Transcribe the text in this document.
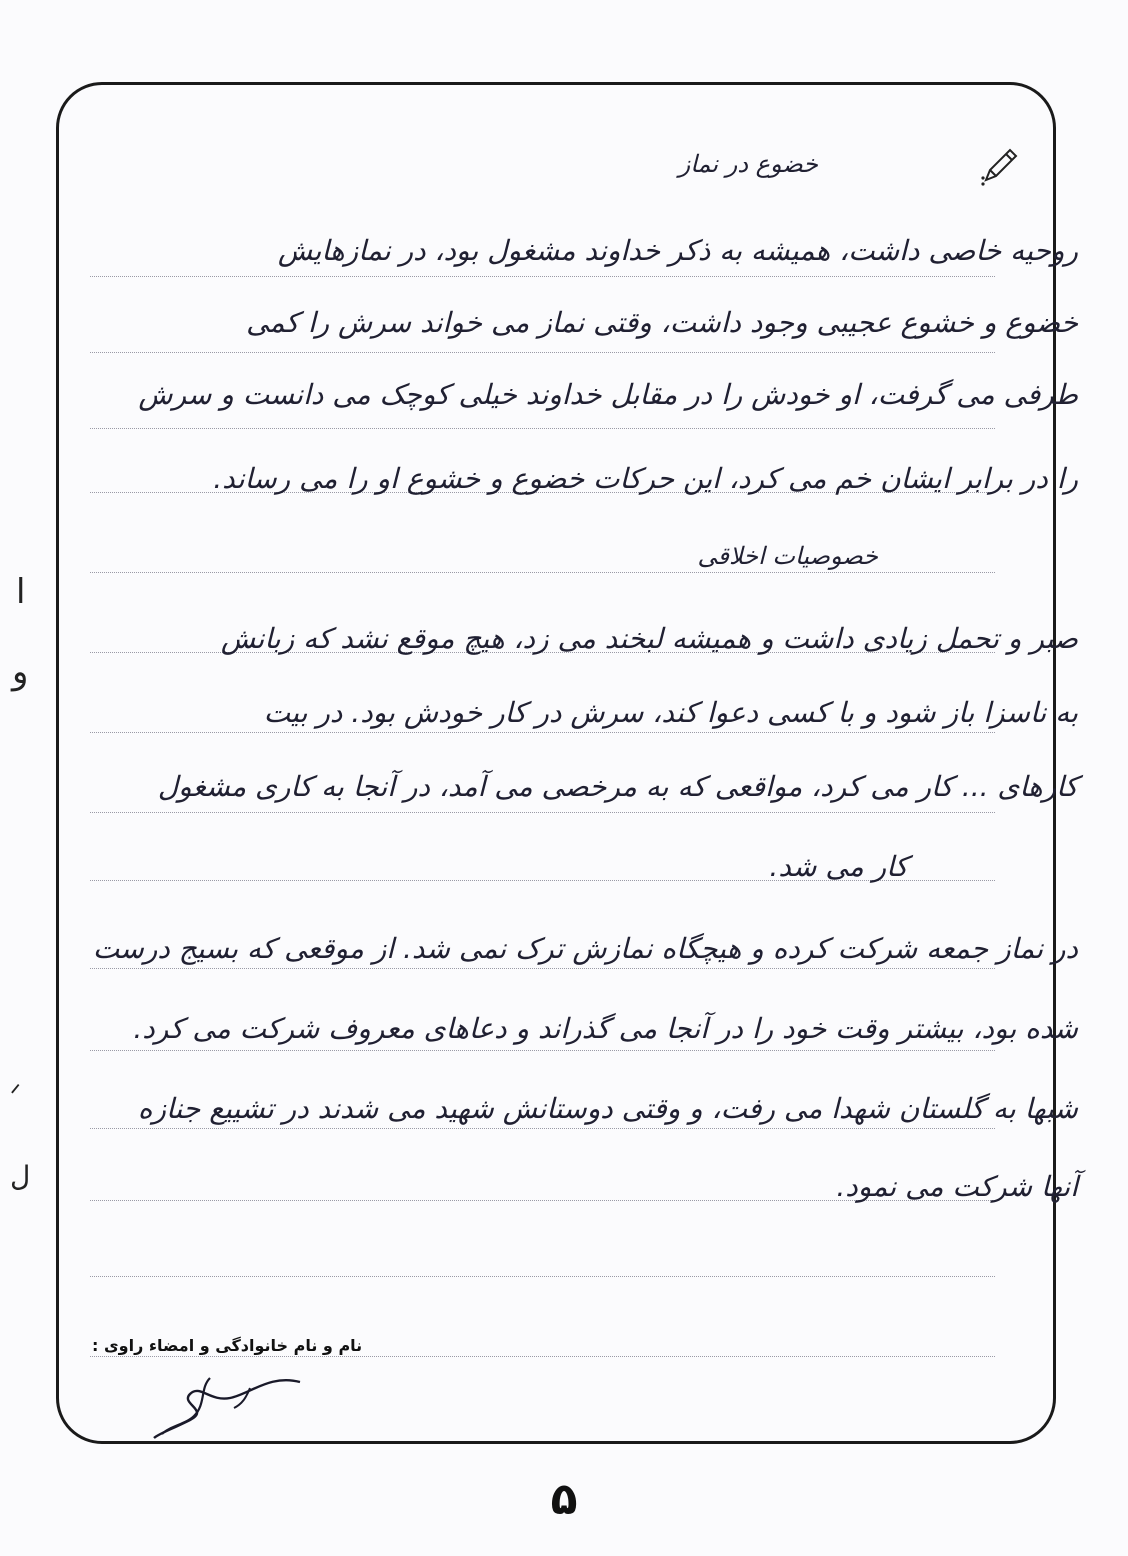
خضوع در نماز
روحیه خاصی داشت، همیشه به ذکر خداوند مشغول بود، در نمازهایش
خضوع و خشوع عجیبی وجود داشت، وقتی نماز می خواند سرش را کمی
طرفی می گرفت، او خودش را در مقابل خداوند خیلی کوچک می دانست و سرش
را در برابر ایشان خم می کرد، این حرکات خضوع و خشوع او را می رساند.
خصوصیات اخلاقی
صبر و تحمل زیادی داشت و همیشه لبخند می زد، هیچ موقع نشد که زبانش
به ناسزا باز شود و با کسی دعوا کند، سرش در کار خودش بود. در بیت
کارهای ... کار می کرد، مواقعی که به مرخصی می آمد، در آنجا به کاری مشغول
کار می شد.
در نماز جمعه شرکت کرده و هیچگاه نمازش ترک نمی شد. از موقعی که بسیج درست
شده بود، بیشتر وقت خود را در آنجا می گذراند و دعاهای معروف شرکت می کرد.
شبها به گلستان شهدا می رفت، و وقتی دوستانش شهید می شدند در تشییع جنازه
آنها شرکت می نمود.
نام و نام خانوادگی و امضاء راوی :
ا
و
ᐟ
ل
۵
